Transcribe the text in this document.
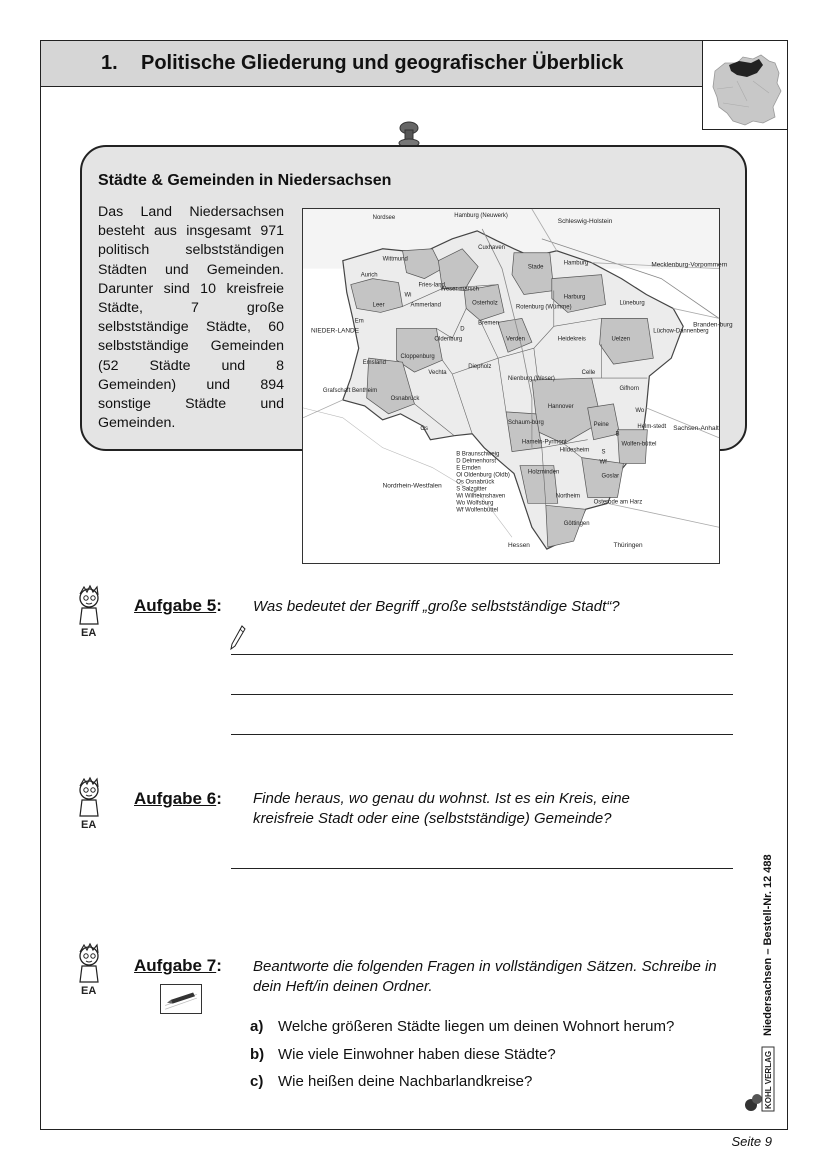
1. Politische Gliederung und geografischer Überblick
Städte & Gemeinden in Niedersachsen
Das Land Niedersachsen besteht aus insgesamt 971 politisch selbstständigen Städten und Gemeinden. Darunter sind 10 kreisfreie Städte, 7 große selbstständige Städte, 60 selbstständige Gemeinden (52 Städte und 8 Gemeinden) und 894 sonstige Städte und Gemeinden.
Nordsee	Hamburg (Neuwerk)
Schleswig-Holstein
Mecklenburg-Vorpommern
Branden-burg
Sachsen-Anhalt
Thüringen
Hessen
Nordrhein-Westfalen
NIEDER-LANDE
Cuxhaven
Stade
Hamburg
Harburg
Lüneburg
Lüchow-Dannenberg
Uelzen
Celle
Gifhorn
Heidekreis
Rotenburg (Wümme)
Verden
Osterholz
Bremen
Weser-marsch
Fries-land
Wittmund
Aurich
Leer	Ammerland
Oldenburg
Emsland
Cloppenburg
Vechta
Diepholz
Nienburg (Weser)
Osnabrück
Grafschaft Bentheim
Hannover
Schaum-burg
Hameln-Pyrmont
Hildesheim
Peine
Wolfen-büttel
Helm-stedt
Holzminden
Northeim
Goslar
Osterode am Harz
Göttingen
Wi
Em
Os
Wo
D
B
S
Wf
B Braunschweig
D Delmenhorst
E Emden
Ol Oldenburg (Oldb)
Os Osnabrück
S Salzgitter
Wi Wilhelmshaven
Wo Wolfsburg
Wf Wolfenbüttel
EA
Aufgabe 5: Was bedeutet der Begriff „große selbstständige Stadt“?
EA
Aufgabe 6: Finde heraus, wo genau du wohnst. Ist es ein Kreis, eine kreisfreie Stadt oder eine (selbstständige) Gemeinde?
EA
Aufgabe 7: Beantworte die folgenden Fragen in vollständigen Sätzen. Schreibe in dein Heft/in deinen Ordner.
a) Welche größeren Städte liegen um deinen Wohnort herum?
b) Wie viele Einwohner haben diese Städte?
c) Wie heißen deine Nachbarlandkreise?
Niedersachsen – Bestell-Nr. 12 488
KOHL VERLAG
Seite 9
